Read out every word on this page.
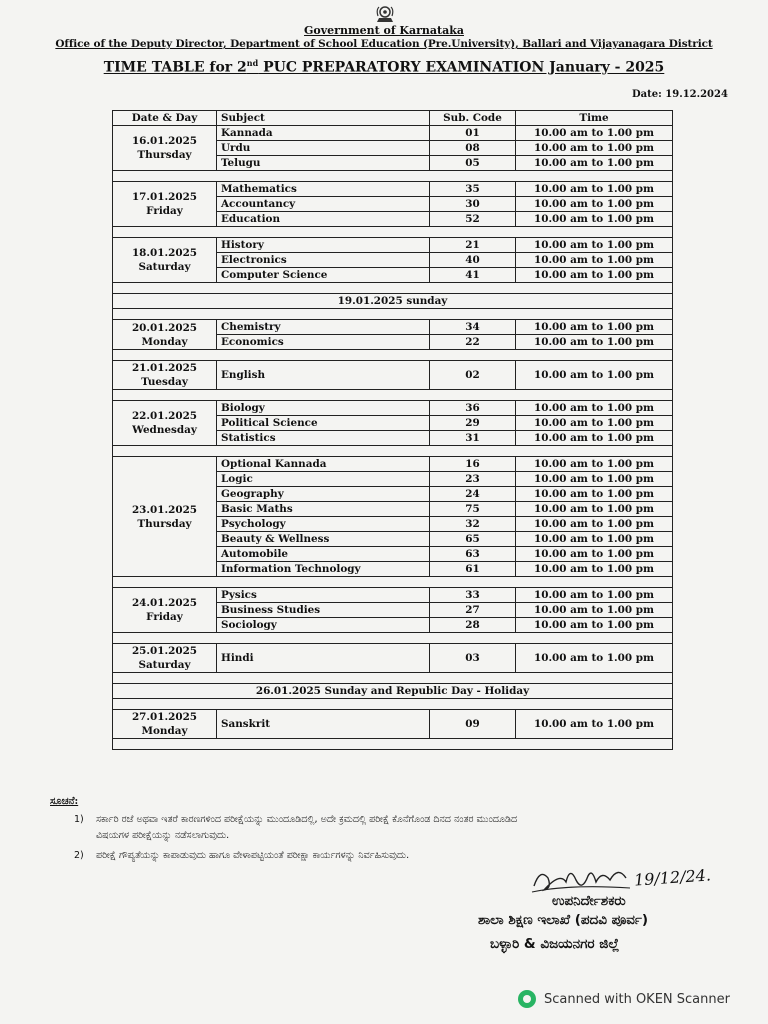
Government of Karnataka
Office of the Deputy Director, Department of School Education (Pre.University), Ballari and Vijayanagara District
TIME TABLE for 2nd PUC PREPARATORY EXAMINATION January - 2025
Date: 19.12.2024
Date & Day	Subject	Sub. Code	Time

16.01.2025
Thursday	Kannada	01	10.00 am to 1.00 pm
	Urdu	08	10.00 am to 1.00 pm
	Telugu	05	10.00 am to 1.00 pm

17.01.2025
Friday	Mathematics	35	10.00 am to 1.00 pm
	Accountancy	30	10.00 am to 1.00 pm
	Education	52	10.00 am to 1.00 pm

18.01.2025
Saturday	History	21	10.00 am to 1.00 pm
	Electronics	40	10.00 am to 1.00 pm
	Computer Science	41	10.00 am to 1.00 pm

19.01.2025 sunday			

20.01.2025
Monday	Chemistry	34	10.00 am to 1.00 pm
	Economics	22	10.00 am to 1.00 pm

21.01.2025
Tuesday	English	02	10.00 am to 1.00 pm

22.01.2025
Wednesday	Biology	36	10.00 am to 1.00 pm
	Political Science	29	10.00 am to 1.00 pm
	Statistics	31	10.00 am to 1.00 pm

23.01.2025
Thursday	Optional Kannada	16	10.00 am to 1.00 pm
	Logic	23	10.00 am to 1.00 pm
	Geography	24	10.00 am to 1.00 pm
	Basic Maths	75	10.00 am to 1.00 pm
	Psychology	32	10.00 am to 1.00 pm
	Beauty & Wellness	65	10.00 am to 1.00 pm
	Automobile	63	10.00 am to 1.00 pm
	Information Technology	61	10.00 am to 1.00 pm

24.01.2025
Friday	Pysics	33	10.00 am to 1.00 pm
	Business Studies	27	10.00 am to 1.00 pm
	Sociology	28	10.00 am to 1.00 pm

25.01.2025
Saturday	Hindi	03	10.00 am to 1.00 pm

26.01.2025 Sunday and Republic Day - Holiday			

27.01.2025
Monday	Sanskrit	09	10.00 am to 1.00 pm

ಸೂಚನೆ:
1) ಸರ್ಕಾರಿ ರಜೆ ಅಥವಾ ಇತರೆ ಕಾರಣಗಳಿಂದ ಪರೀಕ್ಷೆಯನ್ನು ಮುಂದೂಡಿದಲ್ಲಿ, ಅದೇ ಕ್ರಮದಲ್ಲಿ ಪರೀಕ್ಷೆ ಕೊನೆಗೊಂಡ ದಿನದ ನಂತರ ಮುಂದೂಡಿದ
ವಿಷಯಗಳ ಪರೀಕ್ಷೆಯನ್ನು ನಡೆಸಲಾಗುವುದು.
2) ಪರೀಕ್ಷೆ ಗೌಪ್ಯತೆಯನ್ನು ಕಾಪಾಡುವುದು ಹಾಗೂ ವೇಳಾಪಟ್ಟಿಯಂತೆ ಪರೀಕ್ಷಾ ಕಾರ್ಯಗಳನ್ನು ನಿರ್ವಹಿಸುವುದು.
19/12/24.
ಉಪನಿರ್ದೇಶಕರು
ಶಾಲಾ ಶಿಕ್ಷಣ ಇಲಾಖೆ (ಪದವಿ ಪೂರ್ವ)
ಬಳ್ಳಾರಿ & ವಿಜಯನಗರ ಜಿಲ್ಲೆ
Scanned with OKEN Scanner
